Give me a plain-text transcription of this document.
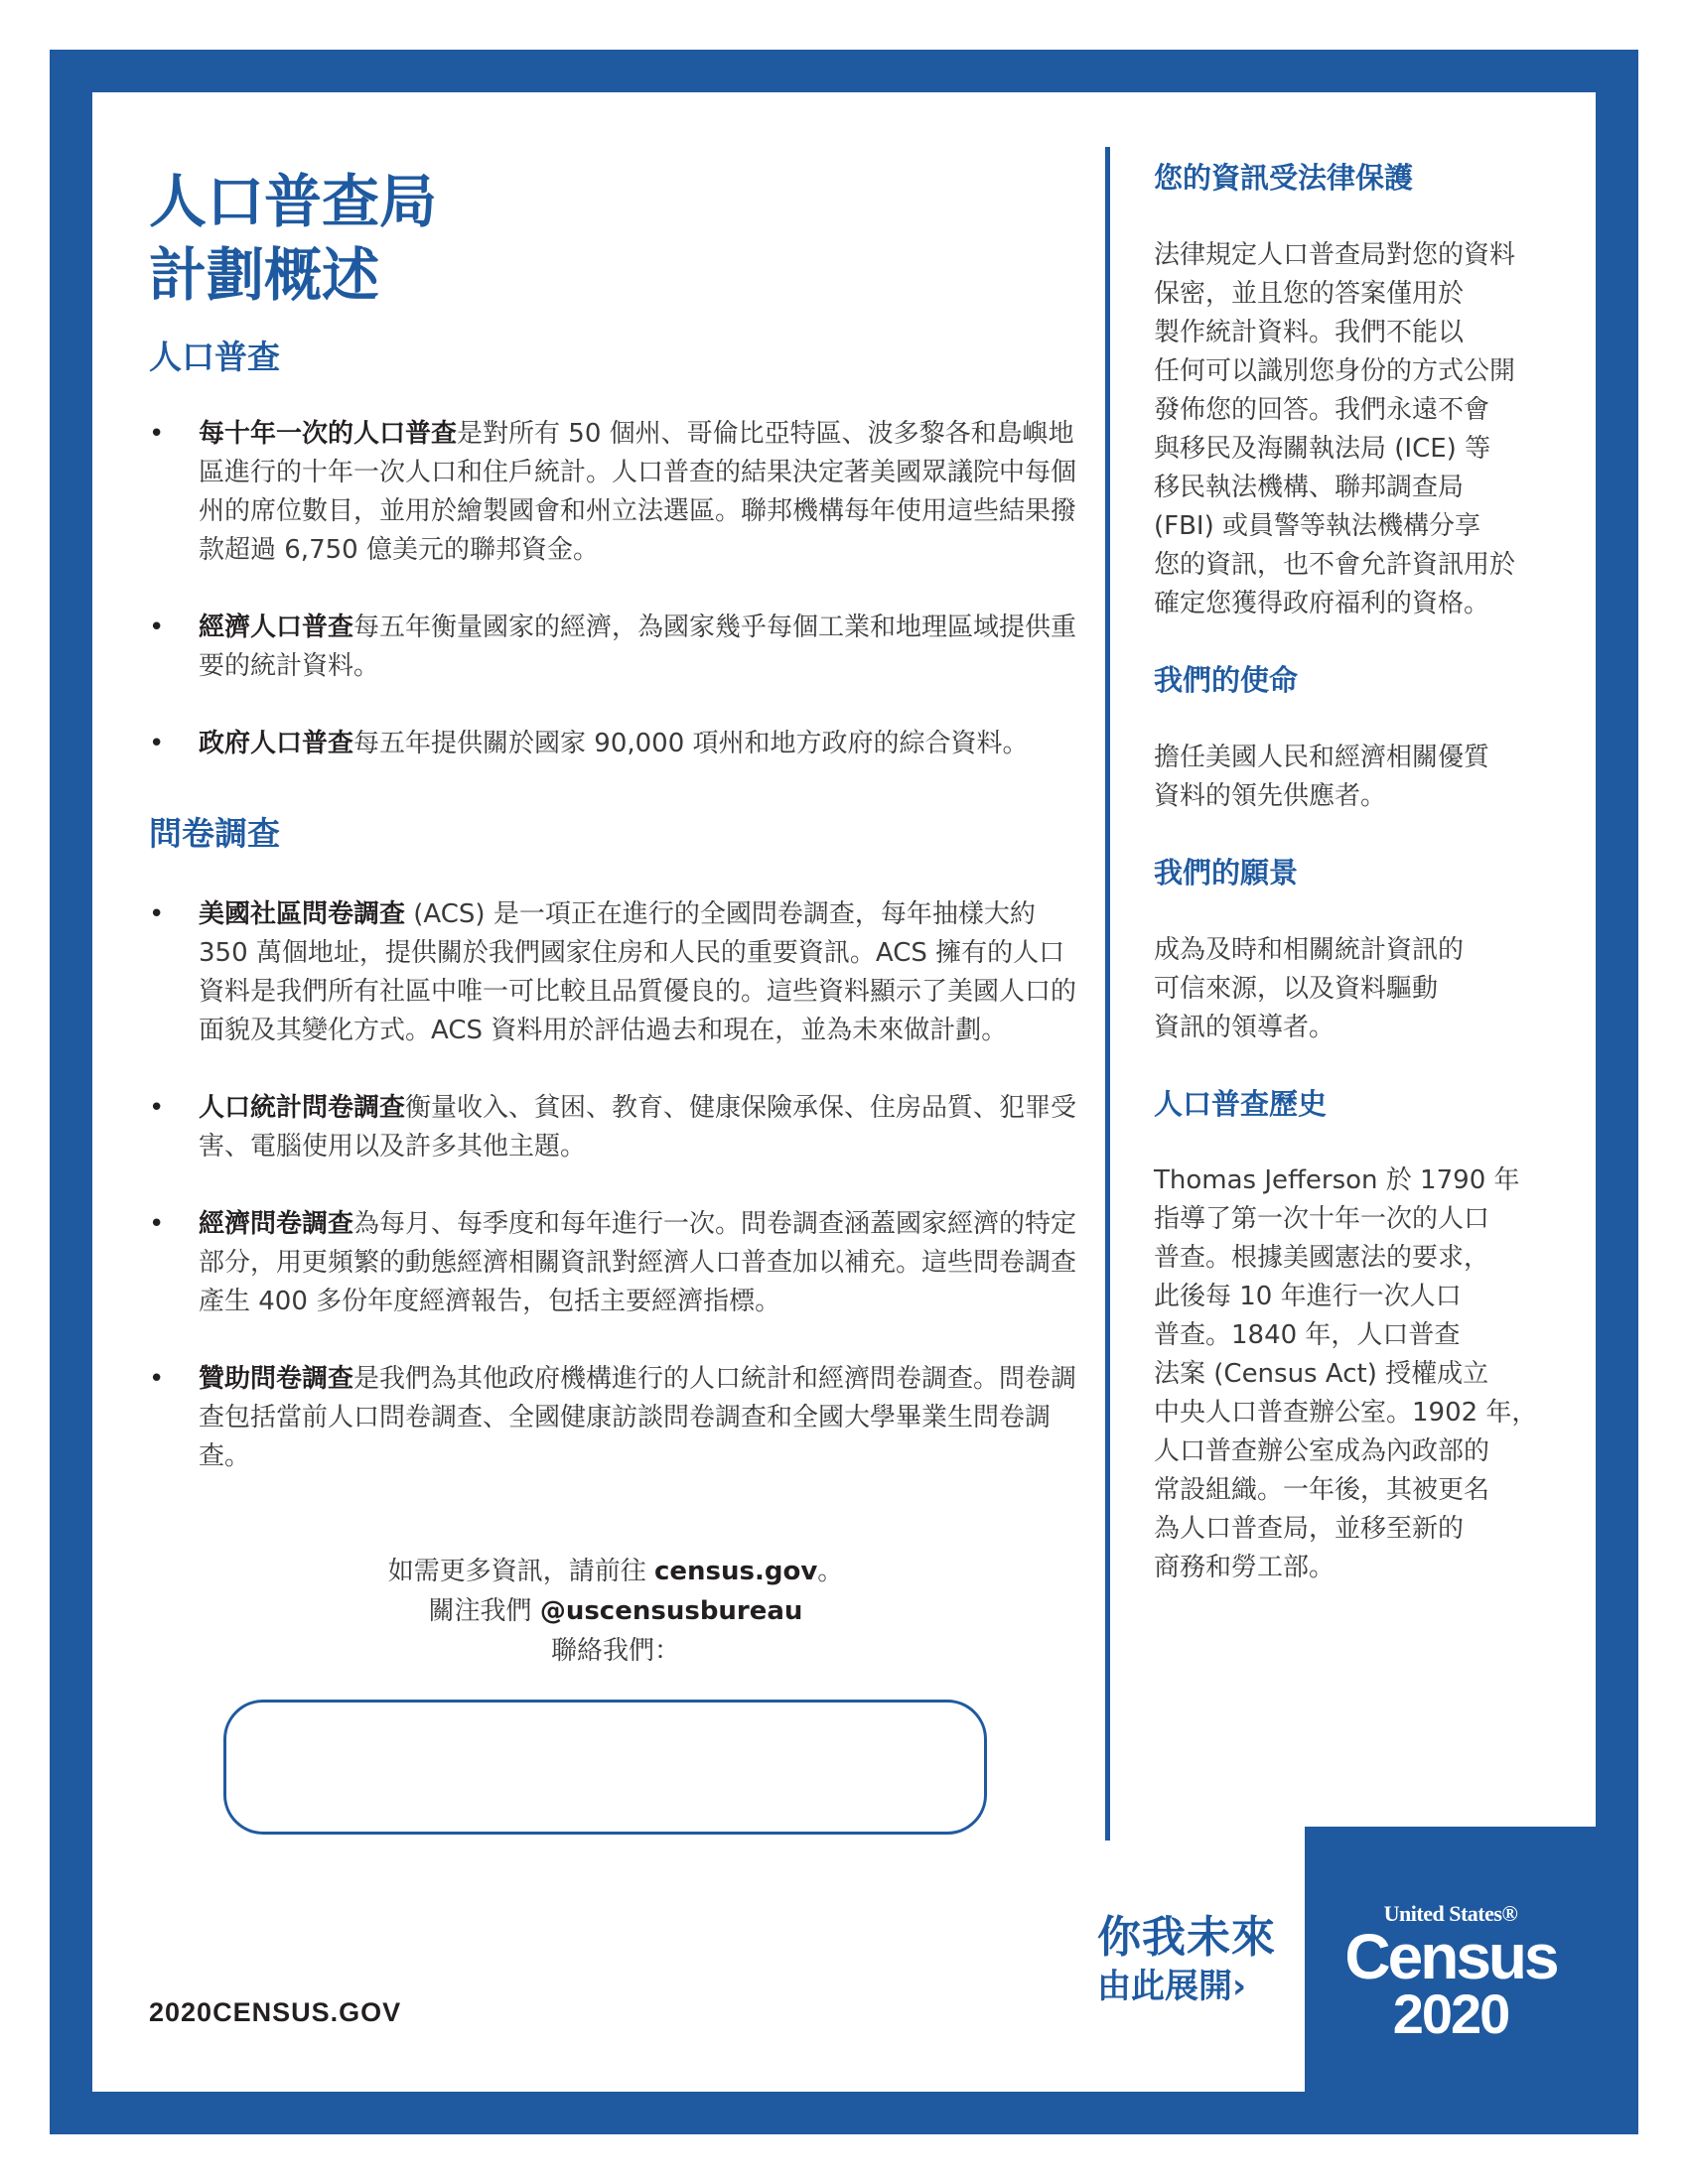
人口普查局
計劃概述
人口普查
• 每十年一次的人口普查是對所有 50 個州、哥倫比亞特區、波多黎各和島嶼地區進行的十年一次人口和住戶統計。人口普查的結果決定著美國眾議院中每個州的席位數目，並用於繪製國會和州立法選區。聯邦機構每年使用這些結果撥款超過 6,750 億美元的聯邦資金。
• 經濟人口普查每五年衡量國家的經濟，為國家幾乎每個工業和地理區域提供重要的統計資料。
• 政府人口普查每五年提供關於國家 90,000 項州和地方政府的綜合資料。
問卷調查
• 美國社區問卷調查 (ACS) 是一項正在進行的全國問卷調查，每年抽樣大約 350 萬個地址，提供關於我們國家住房和人民的重要資訊。ACS 擁有的人口資料是我們所有社區中唯一可比較且品質優良的。這些資料顯示了美國人口的面貌及其變化方式。ACS 資料用於評估過去和現在，並為未來做計劃。
• 人口統計問卷調查衡量收入、貧困、教育、健康保險承保、住房品質、犯罪受害、電腦使用以及許多其他主題。
• 經濟問卷調查為每月、每季度和每年進行一次。問卷調查涵蓋國家經濟的特定部分，用更頻繁的動態經濟相關資訊對經濟人口普查加以補充。這些問卷調查產生 400 多份年度經濟報告，包括主要經濟指標。
• 贊助問卷調查是我們為其他政府機構進行的人口統計和經濟問卷調查。問卷調查包括當前人口問卷調查、全國健康訪談問卷調查和全國大學畢業生問卷調查。
如需更多資訊，請前往 census.gov。
關注我們 @uscensusbureau
聯絡我們：
2020CENSUS.GOV
您的資訊受法律保護
法律規定人口普查局對您的資料
保密，並且您的答案僅用於
製作統計資料。我們不能以
任何可以識別您身份的方式公開
發佈您的回答。我們永遠不會
與移民及海關執法局 (ICE) 等
移民執法機構、聯邦調查局
(FBI) 或員警等執法機構分享
您的資訊，也不會允許資訊用於
確定您獲得政府福利的資格。
我們的使命
擔任美國人民和經濟相關優質
資料的領先供應者。
我們的願景
成為及時和相關統計資訊的
可信來源，以及資料驅動
資訊的領導者。
人口普查歷史
Thomas Jefferson 於 1790 年
指導了第一次十年一次的人口
普查。根據美國憲法的要求，
此後每 10 年進行一次人口
普查。1840 年，人口普查
法案 (Census Act) 授權成立
中央人口普查辦公室。1902 年，
人口普查辦公室成為內政部的
常設組織。一年後，其被更名
為人口普查局，並移至新的
商務和勞工部。
你我未來
由此展開›
United States®
Census
2020
